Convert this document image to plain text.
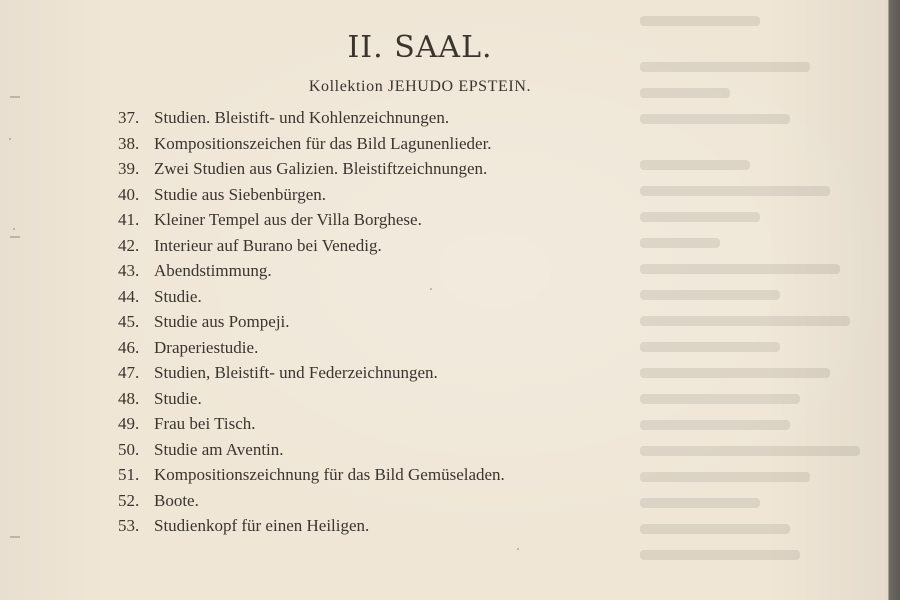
II. SAAL.
Kollektion JEHUDO EPSTEIN.
37. Studien. Bleistift- und Kohlenzeichnungen.
38. Kompositionszeichen für das Bild Lagunenlieder.
39. Zwei Studien aus Galizien. Bleistiftzeichnungen.
40. Studie aus Siebenbürgen.
41. Kleiner Tempel aus der Villa Borghese.
42. Interieur auf Burano bei Venedig.
43. Abendstimmung.
44. Studie.
45. Studie aus Pompeji.
46. Draperiestudie.
47. Studien, Bleistift- und Federzeichnungen.
48. Studie.
49. Frau bei Tisch.
50. Studie am Aventin.
51. Kompositionszeichnung für das Bild Gemüseladen.
52. Boote.
53. Studienkopf für einen Heiligen.
